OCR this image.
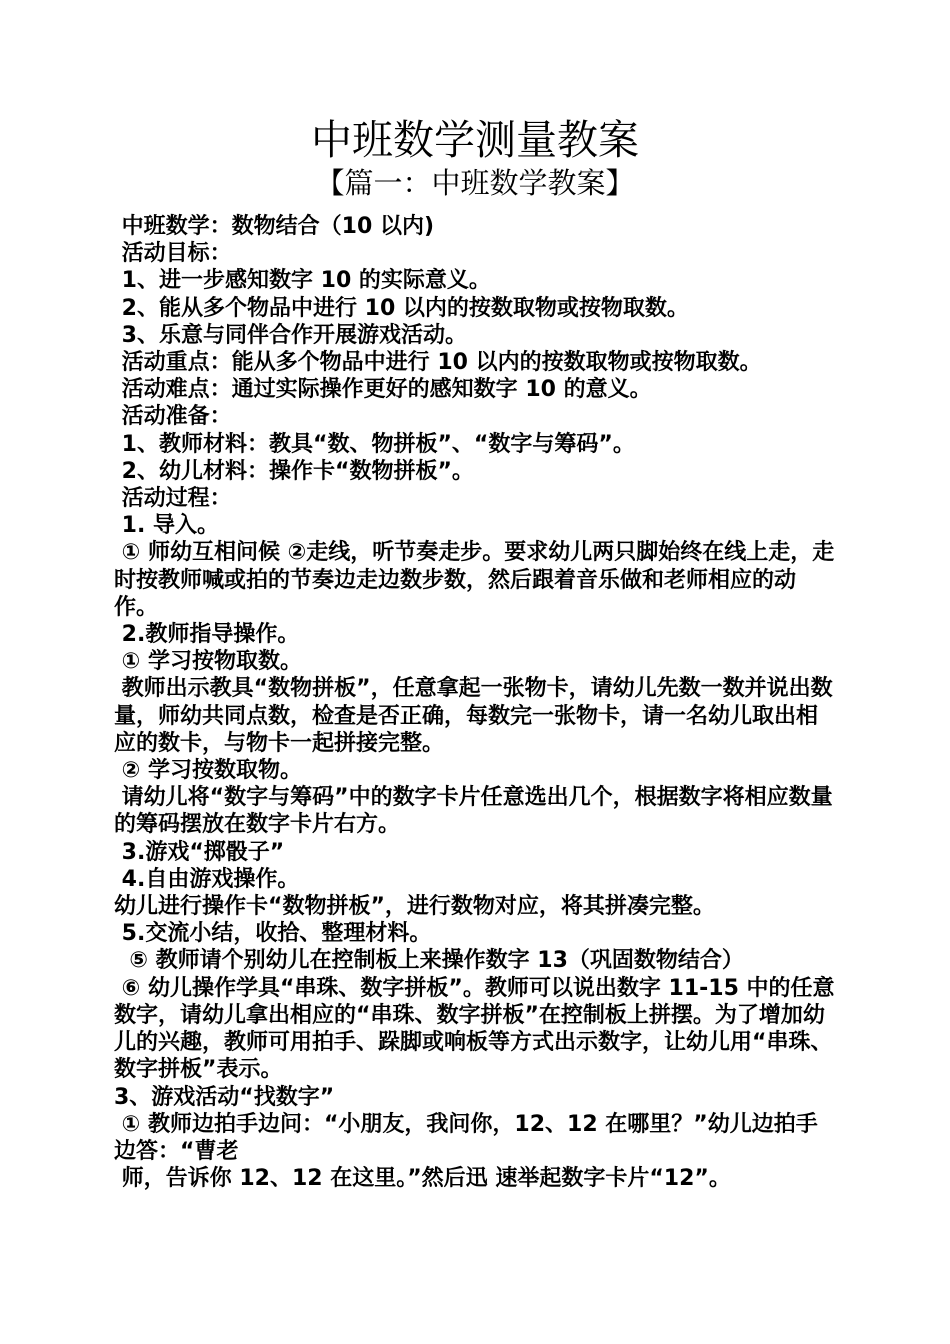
中班数学测量教案
【篇一：中班数学教案】

中班数学：数物结合（10 以内)

活动目标：

1、进一步感知数字 10 的实际意义。

2、能从多个物品中进行 10 以内的按数取物或按物取数。

3、乐意与同伴合作开展游戏活动。

活动重点：能从多个物品中进行 10 以内的按数取物或按物取数。

活动难点：通过实际操作更好的感知数字 10 的意义。

活动准备：

1、教师材料：教具“数、物拼板”、“数字与筹码”。

2、幼儿材料：操作卡“数物拼板”。

活动过程：

1. 导入。

① 师幼互相问候 ②走线，听节奏走步。要求幼儿两只脚始终在线上走，走时按教师喊或拍的节奏边走边数步数，然后跟着音乐做和老师相应的动作。

2.教师指导操作。

① 学习按物取数。

教师出示教具“数物拼板”，任意拿起一张物卡，请幼儿先数一数并说出数量，师幼共同点数，检查是否正确，每数完一张物卡，请一名幼儿取出相应的数卡，与物卡一起拼接完整。

② 学习按数取物。

请幼儿将“数字与筹码”中的数字卡片任意选出几个，根据数字将相应数量的筹码摆放在数字卡片右方。

3.游戏“掷骰子”

4.自由游戏操作。

幼儿进行操作卡“数物拼板”，进行数物对应，将其拼凑完整。

5.交流小结，收拾、整理材料。

⑤ 教师请个别幼儿在控制板上来操作数字 13（巩固数物结合）

⑥ 幼儿操作学具“串珠、数字拼板”。教师可以说出数字 11-15 中的任意数字，请幼儿拿出相应的“串珠、数字拼板”在控制板上拼摆。为了增加幼儿的兴趣，教师可用拍手、跺脚或响板等方式出示数字，让幼儿用“串珠、数字拼板”表示。

3、游戏活动“找数字”

① 教师边拍手边问：“小朋友，我问你，12、12 在哪里？”幼儿边拍手边答：“曹老

师，告诉你 12、12 在这里。”然后迅 速举起数字卡片“12”。
